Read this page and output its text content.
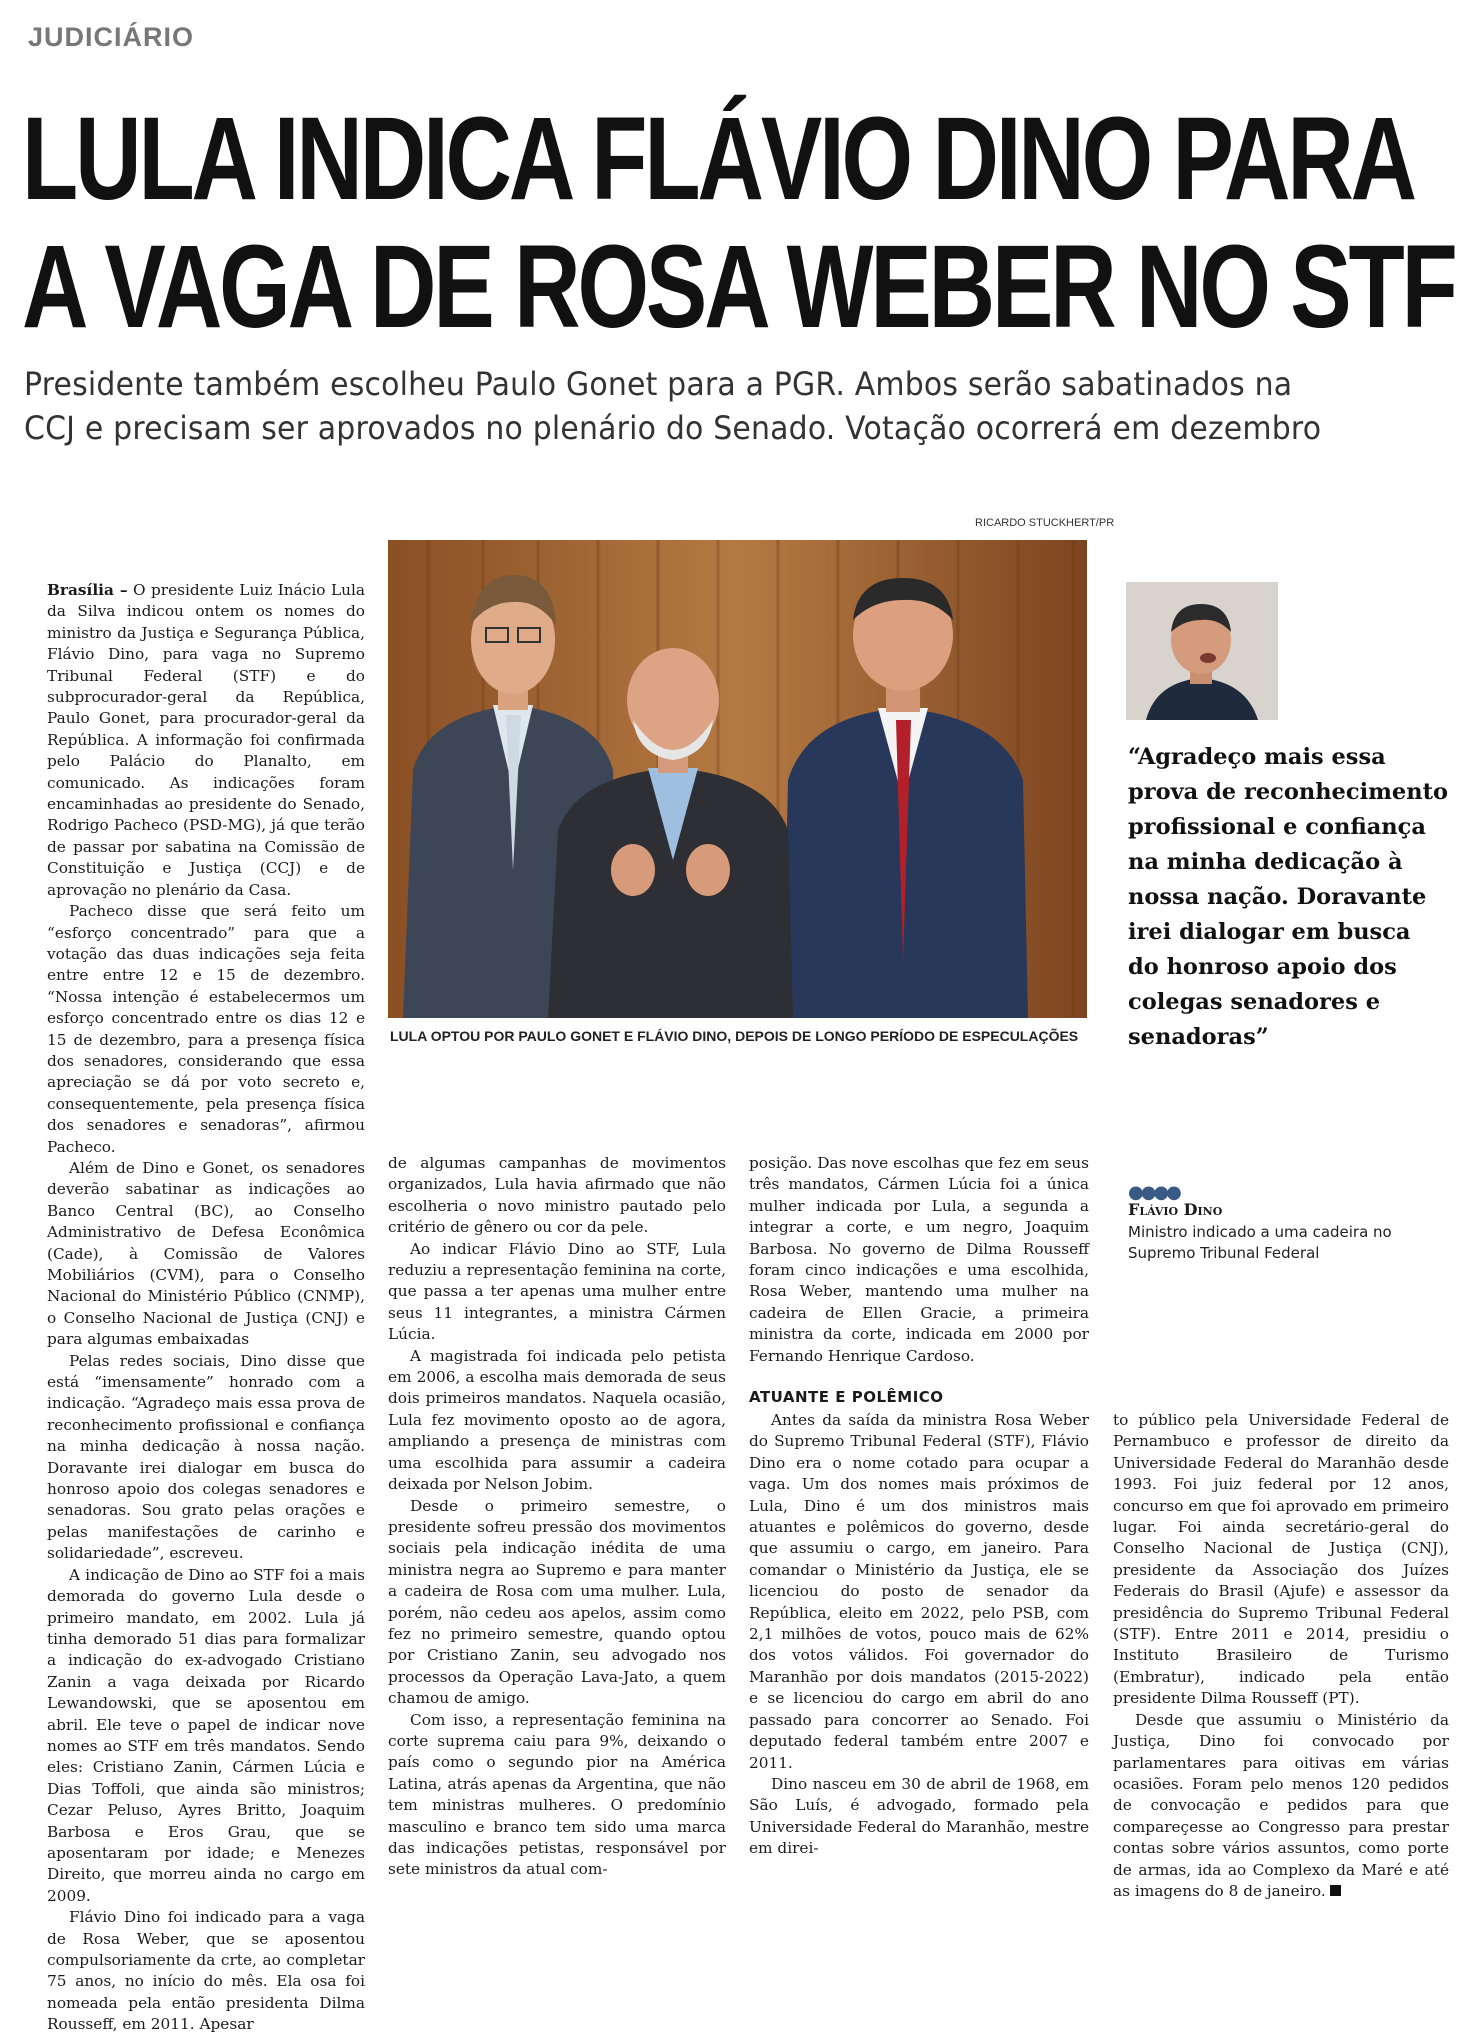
JUDICIÁRIO
LULA INDICA FLÁVIO DINO PARA
A VAGA DE ROSA WEBER NO STF
Presidente também escolheu Paulo Gonet para a PGR. Ambos serão sabatinados na
CCJ e precisam ser aprovados no plenário do Senado. Votação ocorrerá em dezembro
RICARDO STUCKHERT/PR
LULA OPTOU POR PAULO GONET E FLÁVIO DINO, DEPOIS DE LONGO PERÍODO DE ESPECULAÇÕES

Brasília – O presidente Luiz Inácio Lula da Silva indicou ontem os nomes do ministro da Justiça e Segurança Pública, Flávio Dino, para vaga no Supremo Tribunal Federal (STF) e do subprocurador-geral da República, Paulo Gonet, para procurador-geral da República. A informação foi confirmada pelo Palácio do Planalto, em comunicado. As indicações foram encaminhadas ao presidente do Senado, Rodrigo Pacheco (PSD-MG), já que terão de passar por sabatina na Comissão de Constituição e Justiça (CCJ) e de aprovação no plenário da Casa.

Pacheco disse que será feito um “esforço concentrado” para que a votação das duas indicações seja feita entre entre 12 e 15 de dezembro. “Nossa intenção é estabelecermos um esforço concentrado entre os dias 12 e 15 de dezembro, para a presença física dos senadores, considerando que essa apreciação se dá por voto secreto e, consequentemente, pela presença física dos senadores e senadoras”, afirmou Pacheco.

Além de Dino e Gonet, os senadores deverão sabatinar as indicações ao Banco Central (BC), ao Conselho Administrativo de Defesa Econômica (Cade), à Comissão de Valores Mobiliários (CVM), para o Conselho Nacional do Ministério Público (CNMP), o Conselho Nacional de Justiça (CNJ) e para algumas embaixadas

Pelas redes sociais, Dino disse que está “imensamente” honrado com a indicação. “Agradeço mais essa prova de reconhecimento profissional e confiança na minha dedicação à nossa nação. Doravante irei dialogar em busca do honroso apoio dos colegas senadores e senadoras. Sou grato pelas orações e pelas manifestações de carinho e solidariedade”, escreveu.

A indicação de Dino ao STF foi a mais demorada do governo Lula desde o primeiro mandato, em 2002. Lula já tinha demorado 51 dias para formalizar a indicação do ex-advogado Cristiano Zanin a vaga deixada por Ricardo Lewandowski, que se aposentou em abril. Ele teve o papel de indicar nove nomes ao STF em três mandatos. Sendo eles: Cristiano Zanin, Cármen Lúcia e Dias Toffoli, que ainda são ministros; Cezar Peluso, Ayres Britto, Joaquim Barbosa e Eros Grau, que se aposentaram por idade; e Menezes Direito, que morreu ainda no cargo em 2009.

Flávio Dino foi indicado para a vaga de Rosa Weber, que se aposentou compulsoriamente da crte, ao completar 75 anos, no início do mês. Ela osa foi nomeada pela então presidenta Dilma Rousseff, em 2011. Apesar

de algumas campanhas de movimentos organizados, Lula havia afirmado que não escolheria o novo ministro pautado pelo critério de gênero ou cor da pele.

Ao indicar Flávio Dino ao STF, Lula reduziu a representação feminina na corte, que passa a ter apenas uma mulher entre seus 11 integrantes, a ministra Cármen Lúcia.

A magistrada foi indicada pelo petista em 2006, a escolha mais demorada de seus dois primeiros mandatos. Naquela ocasião, Lula fez movimento oposto ao de agora, ampliando a presença de ministras com uma escolhida para assumir a cadeira deixada por Nelson Jobim.

Desde o primeiro semestre, o presidente sofreu pressão dos movimentos sociais pela indicação inédita de uma ministra negra ao Supremo e para manter a cadeira de Rosa com uma mulher. Lula, porém, não cedeu aos apelos, assim como fez no primeiro semestre, quando optou por Cristiano Zanin, seu advogado nos processos da Operação Lava-Jato, a quem chamou de amigo.

Com isso, a representação feminina na corte suprema caiu para 9%, deixando o país como o segundo pior na América Latina, atrás apenas da Argentina, que não tem ministras mulheres. O predomínio masculino e branco tem sido uma marca das indicações petistas, responsável por sete ministros da atual com-

posição. Das nove escolhas que fez em seus três mandatos, Cármen Lúcia foi a única mulher indicada por Lula, a segunda a integrar a corte, e um negro, Joaquim Barbosa. No governo de Dilma Rousseff foram cinco indicações e uma escolhida, Rosa Weber, mantendo uma mulher na cadeira de Ellen Gracie, a primeira ministra da corte, indicada em 2000 por Fernando Henrique Cardoso.

ATUANTE E POLÊMICO

Antes da saída da ministra Rosa Weber do Supremo Tribunal Federal (STF), Flávio Dino era o nome cotado para ocupar a vaga. Um dos nomes mais próximos de Lula, Dino é um dos ministros mais atuantes e polêmicos do governo, desde que assumiu o cargo, em janeiro. Para comandar o Ministério da Justiça, ele se licenciou do posto de senador da República, eleito em 2022, pelo PSB, com 2,1 milhões de votos, pouco mais de 62% dos votos válidos. Foi governador do Maranhão por dois mandatos (2015-2022) e se licenciou do cargo em abril do ano passado para concorrer ao Senado. Foi deputado federal também entre 2007 e 2011.

Dino nasceu em 30 de abril de 1968, em São Luís, é advogado, formado pela Universidade Federal do Maranhão, mestre em direi-

to público pela Universidade Federal de Pernambuco e professor de direito da Universidade Federal do Maranhão desde 1993. Foi juiz federal por 12 anos, concurso em que foi aprovado em primeiro lugar. Foi ainda secretário-geral do Conselho Nacional de Justiça (CNJ), presidente da Associação dos Juízes Federais do Brasil (Ajufe) e assessor da presidência do Supremo Tribunal Federal (STF). Entre 2011 e 2014, presidiu o Instituto Brasileiro de Turismo (Embratur), indicado pela então presidente Dilma Rousseff (PT).

Desde que assumiu o Ministério da Justiça, Dino foi convocado por parlamentares para oitivas em várias ocasiões. Foram pelo menos 120 pedidos de convocação e pedidos para que compareçesse ao Congresso para prestar contas sobre vários assuntos, como porte de armas, ida ao Complexo da Maré e até as imagens do 8 de janeiro.

“Agradeço mais essa prova de reconhecimento profissional e confiança na minha dedicação à nossa nação. Doravante irei dialogar em busca do honroso apoio dos colegas senadores e senadoras”
●●●●
Flávio Dino
Ministro indicado a uma cadeira no Supremo Tribunal Federal
